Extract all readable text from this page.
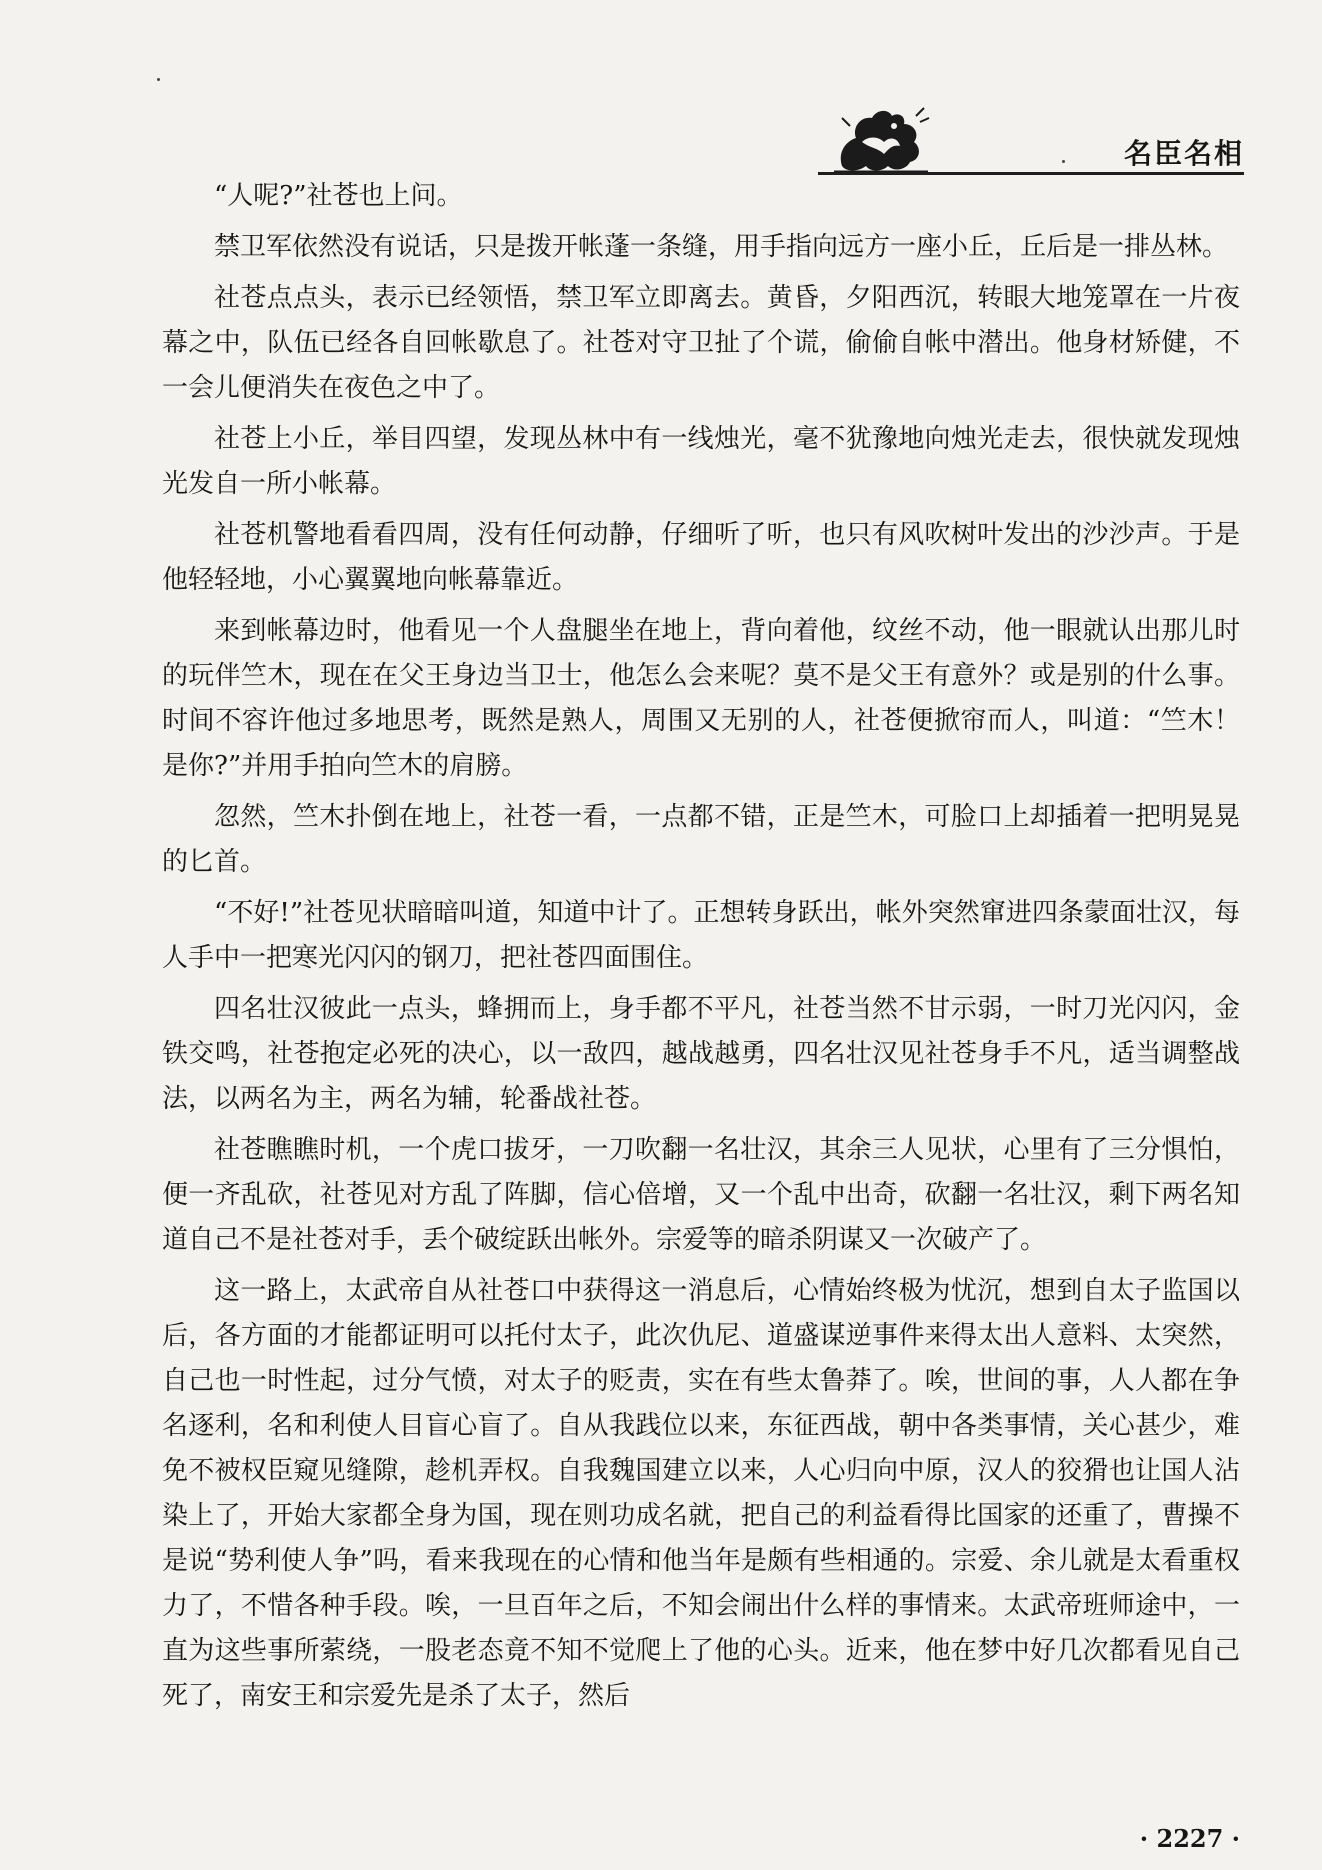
名臣名相

“人呢?”社苍也上问。

禁卫军依然没有说话，只是拨开帐蓬一条缝，用手指向远方一座小丘，丘后是一排丛林。

社苍点点头，表示已经领悟，禁卫军立即离去。黄昏，夕阳西沉，转眼大地笼罩在一片夜幕之中，队伍已经各自回帐歇息了。社苍对守卫扯了个谎，偷偷自帐中潜出。他身材矫健，不一会儿便消失在夜色之中了。

社苍上小丘，举目四望，发现丛林中有一线烛光，毫不犹豫地向烛光走去，很快就发现烛光发自一所小帐幕。

社苍机警地看看四周，没有任何动静，仔细听了听，也只有风吹树叶发出的沙沙声。于是他轻轻地，小心翼翼地向帐幕靠近。

来到帐幕边时，他看见一个人盘腿坐在地上，背向着他，纹丝不动，他一眼就认出那儿时的玩伴竺木，现在在父王身边当卫士，他怎么会来呢？莫不是父王有意外？或是别的什么事。时间不容许他过多地思考，既然是熟人，周围又无别的人，社苍便掀帘而人，叫道：“竺木！是你?”并用手拍向竺木的肩膀。

忽然，竺木扑倒在地上，社苍一看，一点都不错，正是竺木，可脸口上却插着一把明晃晃的匕首。

“不好!”社苍见状暗暗叫道，知道中计了。正想转身跃出，帐外突然窜进四条蒙面壮汉，每人手中一把寒光闪闪的钢刀，把社苍四面围住。

四名壮汉彼此一点头，蜂拥而上，身手都不平凡，社苍当然不甘示弱，一时刀光闪闪，金铁交鸣，社苍抱定必死的决心，以一敌四，越战越勇，四名壮汉见社苍身手不凡，适当调整战法，以两名为主，两名为辅，轮番战社苍。

社苍瞧瞧时机，一个虎口拔牙，一刀吹翻一名壮汉，其余三人见状，心里有了三分惧怕，便一齐乱砍，社苍见对方乱了阵脚，信心倍增，又一个乱中出奇，砍翻一名壮汉，剩下两名知道自己不是社苍对手，丢个破绽跃出帐外。宗爱等的暗杀阴谋又一次破产了。

这一路上，太武帝自从社苍口中获得这一消息后，心情始终极为忧沉，想到自太子监国以后，各方面的才能都证明可以托付太子，此次仇尼、道盛谋逆事件来得太出人意料、太突然，自己也一时性起，过分气愤，对太子的贬责，实在有些太鲁莽了。唉，世间的事，人人都在争名逐利，名和利使人目盲心盲了。自从我践位以来，东征西战，朝中各类事情，关心甚少，难免不被权臣窥见缝隙，趁机弄权。自我魏国建立以来，人心归向中原，汉人的狡猾也让国人沾染上了，开始大家都全身为国，现在则功成名就，把自己的利益看得比国家的还重了，曹操不是说“势利使人争”吗，看来我现在的心情和他当年是颇有些相通的。宗爱、余儿就是太看重权力了，不惜各种手段。唉，一旦百年之后，不知会闹出什么样的事情来。太武帝班师途中，一直为这些事所萦绕，一股老态竟不知不觉爬上了他的心头。近来，他在梦中好几次都看见自己死了，南安王和宗爱先是杀了太子，然后

· 2227 ·
